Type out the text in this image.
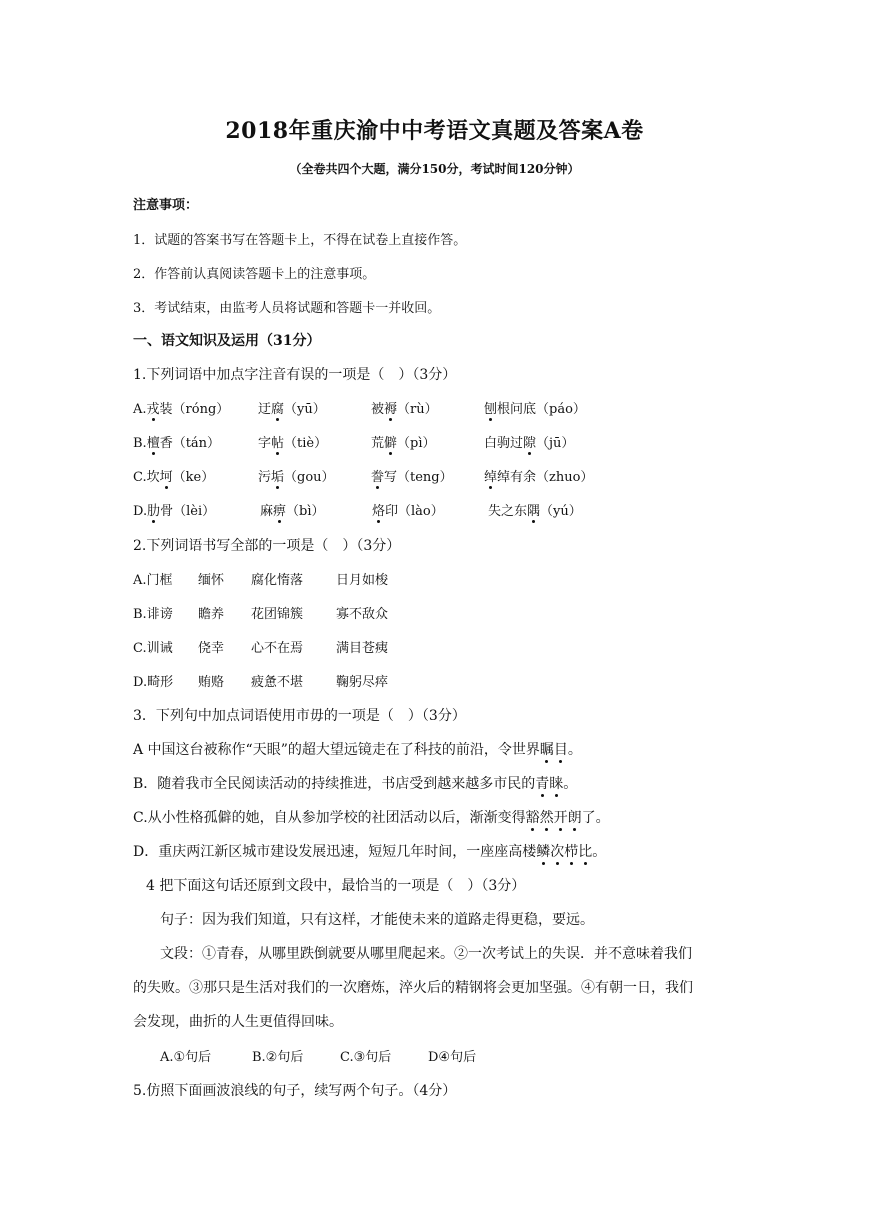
2018年重庆渝中中考语文真题及答案A卷
（全卷共四个大题，满分150分，考试时间120分钟）
注意事项：
1．试题的答案书写在答题卡上，不得在试卷上直接作答。
2．作答前认真阅读答题卡上的注意事项。
3．考试结束，由监考人员将试题和答题卡一并收回。
一、语文知识及运用（31分）
1.下列词语中加点字注音有误的一项是（　）（3分）
A.戎装（róng） 迂腐（yū）	被褥（rù）	刨根问底（páo）
B.檀香（tán）	字帖（tiè）	荒僻（pì）	白驹过隙（jū）
C.坎坷（ke）	污垢（gou）	誊写（teng） 绰绰有余（zhuo）
D.肋骨（lèi）	麻痹（bì）	烙印（lào）	失之东隅（yú）
2.下列词语书写全部的一项是（　）（3分）
A.门框 缅怀 腐化惰落	日月如梭
B.诽谤 瞻养 花团锦簇	寡不敌众
C.训诫 侥幸 心不在焉	满目苍痍
D.畸形 贿赂 疲惫不堪	鞠躬尽瘁
3．下列句中加点词语使用市毋的一项是（　）（3分）
A 中国这台被称作“天眼”的超大望远镜走在了科技的前沿，令世界瞩目。
B．随着我市全民阅读活动的持续推进，书店受到越来越多市民的青睐。
C.从小性格孤僻的她，自从参加学校的社团活动以后，渐渐变得豁然开朗了。
D．重庆两江新区城市建设发展迅速，短短几年时间，一座座高楼鳞次栉比。
4 把下面这句话还原到文段中，最恰当的一项是（　）（3分）
句子：因为我们知道，只有这样，才能使未来的道路走得更稳，要远。
文段：①青春，从哪里跌倒就要从哪里爬起来。②一次考试上的失误．并不意味着我们
的失败。③那只是生活对我们的一次磨炼，淬火后的精钢将会更加坚强。④有朝一日，我们
会发现，曲折的人生更值得回味。
A.①句后	B.②句后	C.③句后	D④句后
5.仿照下面画波浪线的句子，续写两个句子。（4分）
